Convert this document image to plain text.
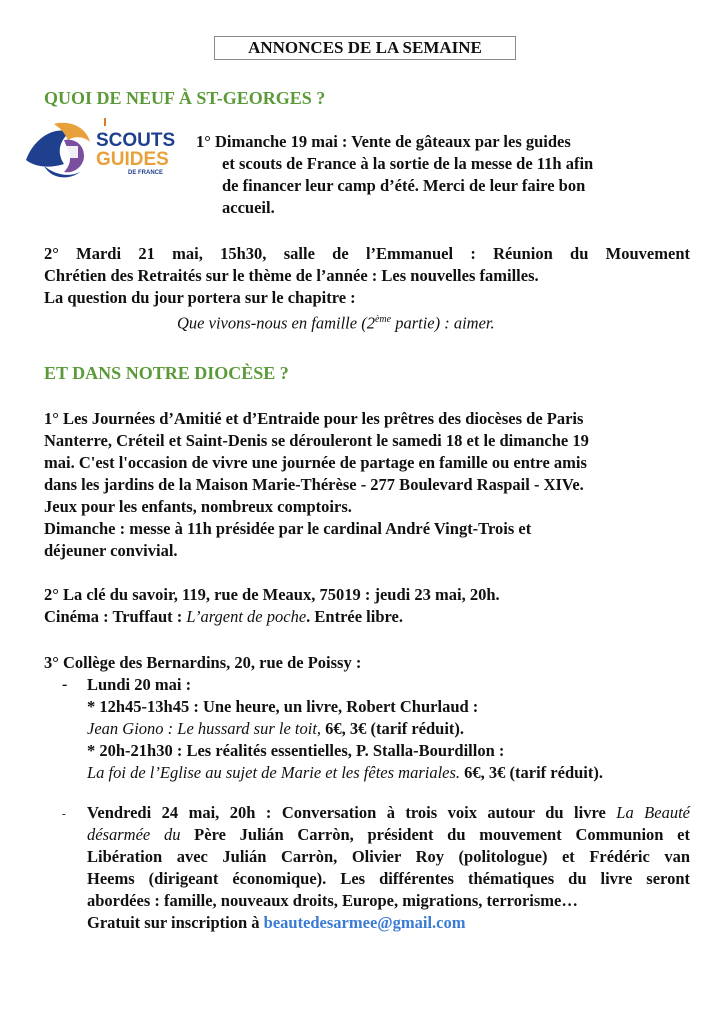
ANNONCES DE LA SEMAINE
QUOI DE NEUF À ST-GEORGES ?
SCOUTS
GUIDES
DE FRANCE
1° Dimanche 19 mai : Vente de gâteaux par les guides
et scouts de France à la sortie de la messe de 11h afin
de financer leur camp d’été. Merci de leur faire bon
accueil.
2° Mardi 21 mai, 15h30, salle de l’Emmanuel : Réunion du Mouvement
Chrétien des Retraités sur le thème de l’année : Les nouvelles familles.
La question du jour portera sur le chapitre :
Que vivons-nous en famille (2ème partie) : aimer.
ET DANS NOTRE DIOCÈSE ?
1° Les Journées d’Amitié et d’Entraide pour les prêtres des diocèses de Paris
Nanterre, Créteil et Saint-Denis se dérouleront le samedi 18 et le dimanche 19
mai. C'est l'occasion de vivre une journée de partage en famille ou entre amis
dans les jardins de la Maison Marie-Thérèse - 277 Boulevard Raspail - XIVe.
Jeux pour les enfants, nombreux comptoirs.
Dimanche : messe à 11h présidée par le cardinal André Vingt-Trois et
déjeuner convivial.
2° La clé du savoir, 119, rue de Meaux, 75019 : jeudi 23 mai, 20h.
Cinéma : Truffaut : L’argent de poche. Entrée libre.
3° Collège des Bernardins, 20, rue de Poissy :
- Lundi 20 mai :
* 12h45-13h45 : Une heure, un livre, Robert Churlaud :
Jean Giono : Le hussard sur le toit, 6€, 3€ (tarif réduit).
* 20h-21h30 : Les réalités essentielles, P. Stalla-Bourdillon :
La foi de l’Eglise au sujet de Marie et les fêtes mariales. 6€, 3€ (tarif réduit).
- Vendredi 24 mai, 20h : Conversation à trois voix autour du livre La Beauté
désarmée du Père Julián Carròn, président du mouvement Communion et
Libération avec Julián Carròn, Olivier Roy (politologue) et Frédéric van
Heems (dirigeant économique). Les différentes thématiques du livre seront
abordées : famille, nouveaux droits, Europe, migrations, terrorisme…
Gratuit sur inscription à beautedesarmee@gmail.com
